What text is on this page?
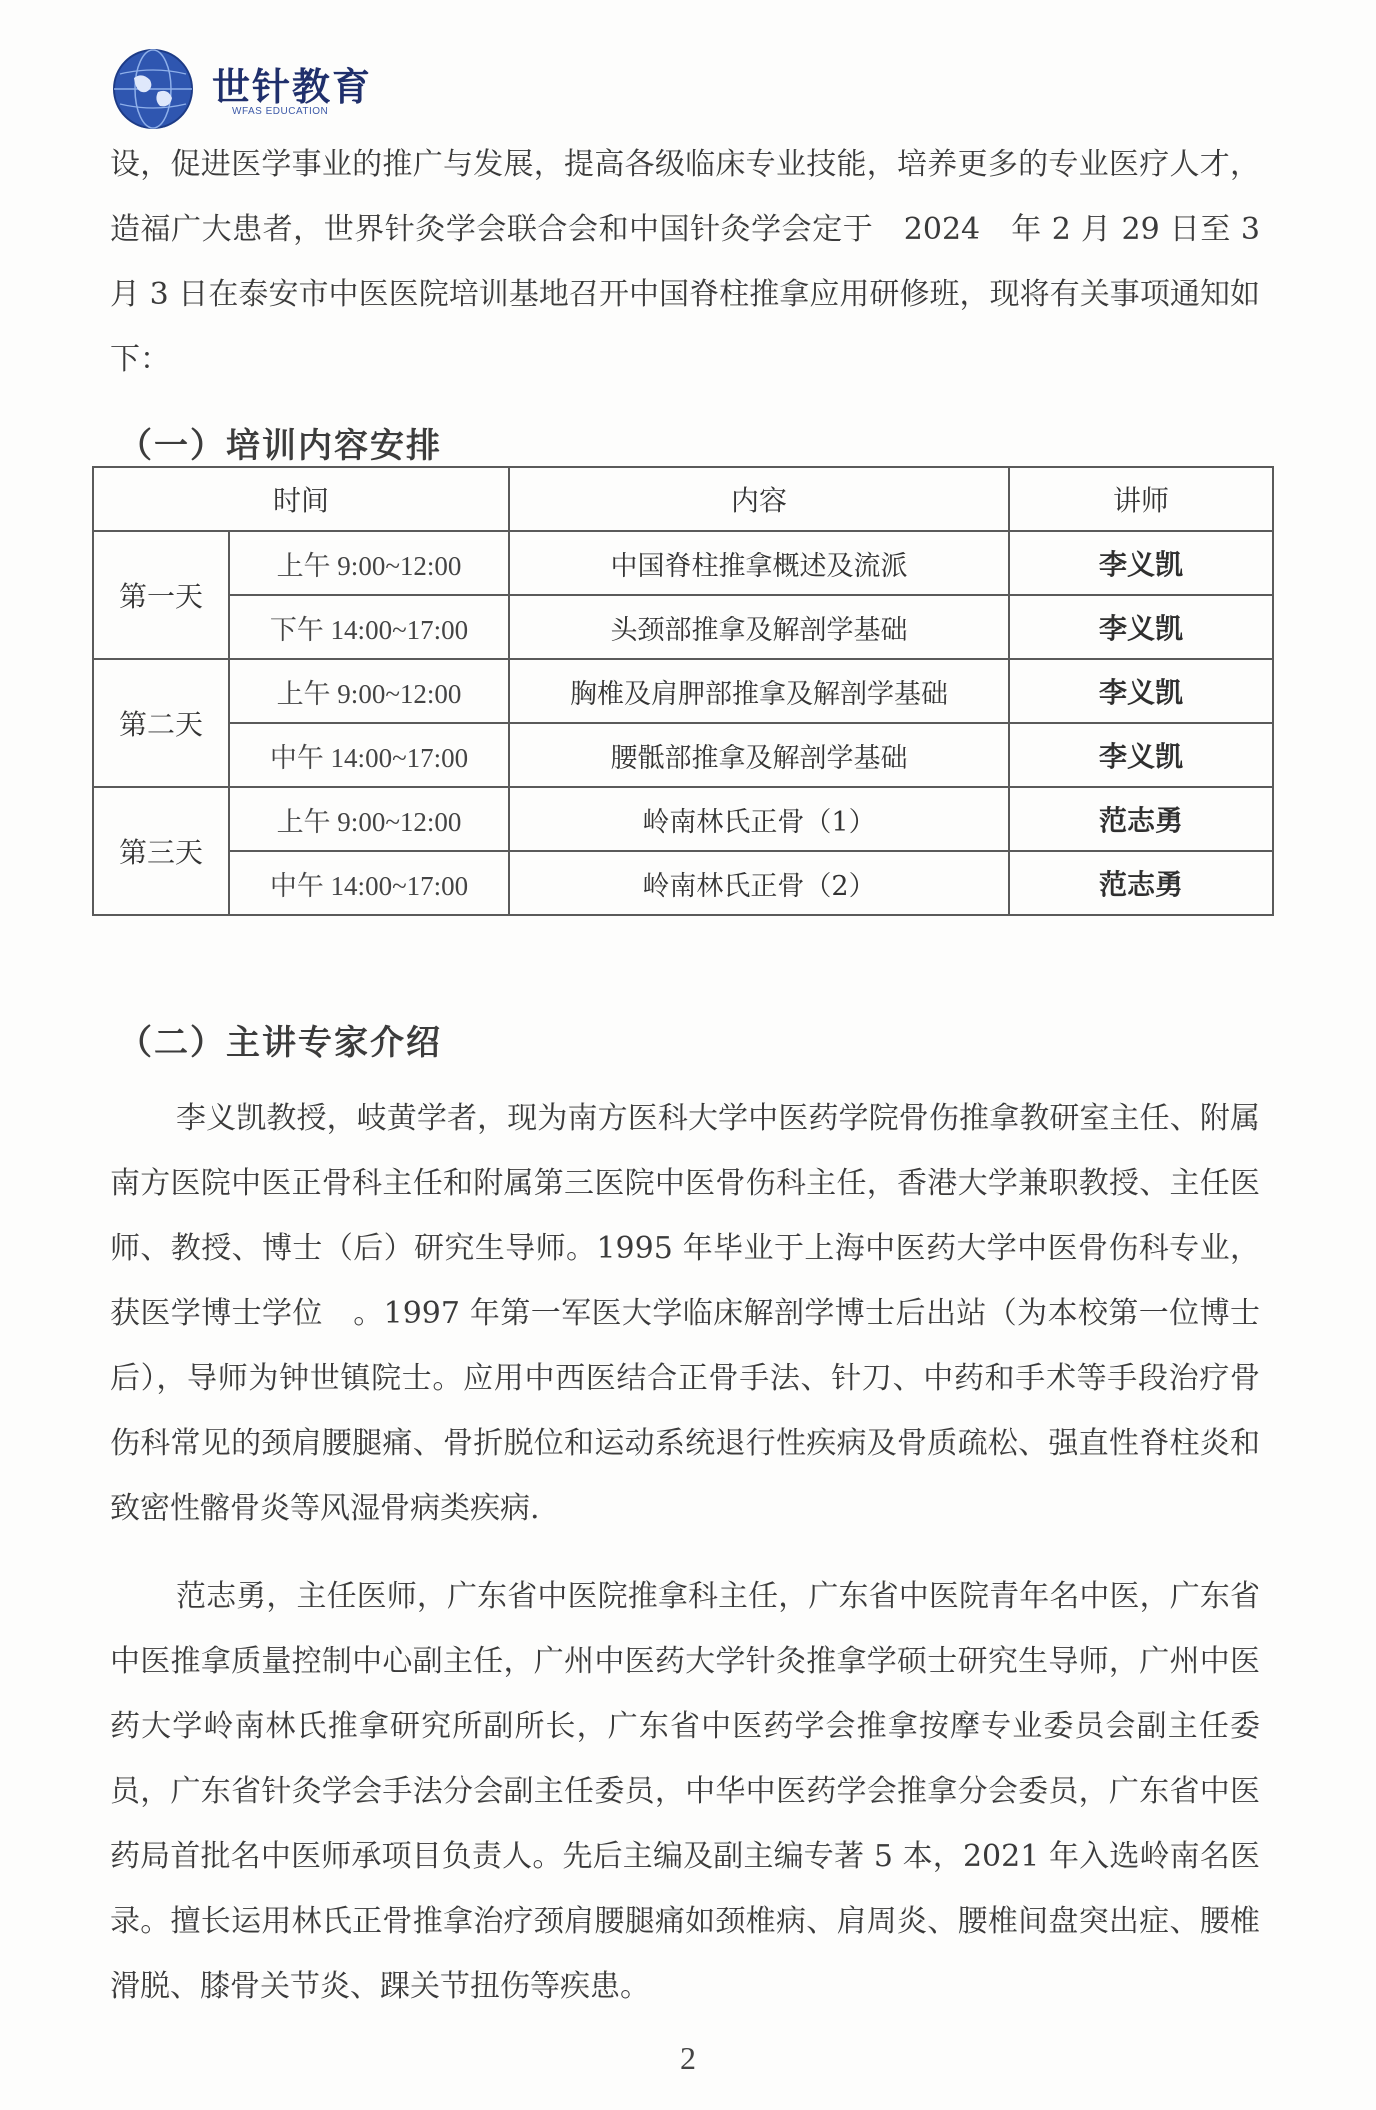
世针教育
WFAS EDUCATION

设，促进医学事业的推广与发展，提高各级临床专业技能，培养更多的专业医疗人才，造福广大患者，世界针灸学会联合会和中国针灸学会定于　2024　年 2 月 29 日至 3 月 3 日在泰安市中医医院培训基地召开中国脊柱推拿应用研修班，现将有关事项通知如下：

（一）培训内容安排
时间		内容	讲师
第一天	上午 9:00~12:00	中国脊柱推拿概述及流派	李义凯
	下午 14:00~17:00	头颈部推拿及解剖学基础	李义凯
第二天	上午 9:00~12:00	胸椎及肩胛部推拿及解剖学基础	李义凯
	中午 14:00~17:00	腰骶部推拿及解剖学基础	李义凯
第三天	上午 9:00~12:00	岭南林氏正骨（1）	范志勇
	中午 14:00~17:00	岭南林氏正骨（2）	范志勇
（二）主讲专家介绍

李义凯教授，岐黄学者，现为南方医科大学中医药学院骨伤推拿教研室主任、附属南方医院中医正骨科主任和附属第三医院中医骨伤科主任，香港大学兼职教授、主任医师、教授、博士（后）研究生导师。1995 年毕业于上海中医药大学中医骨伤科专业，获医学博士学位　。1997 年第一军医大学临床解剖学博士后出站（为本校第一位博士后），导师为钟世镇院士。应用中西医结合正骨手法、针刀、中药和手术等手段治疗骨伤科常见的颈肩腰腿痛、骨折脱位和运动系统退行性疾病及骨质疏松、强直性脊柱炎和致密性髂骨炎等风湿骨病类疾病.

范志勇，主任医师，广东省中医院推拿科主任，广东省中医院青年名中医，广东省中医推拿质量控制中心副主任，广州中医药大学针灸推拿学硕士研究生导师，广州中医药大学岭南林氏推拿研究所副所长，广东省中医药学会推拿按摩专业委员会副主任委员，广东省针灸学会手法分会副主任委员，中华中医药学会推拿分会委员，广东省中医药局首批名中医师承项目负责人。先后主编及副主编专著 5 本，2021 年入选岭南名医录。擅长运用林氏正骨推拿治疗颈肩腰腿痛如颈椎病、肩周炎、腰椎间盘突出症、腰椎滑脱、膝骨关节炎、踝关节扭伤等疾患。

2
